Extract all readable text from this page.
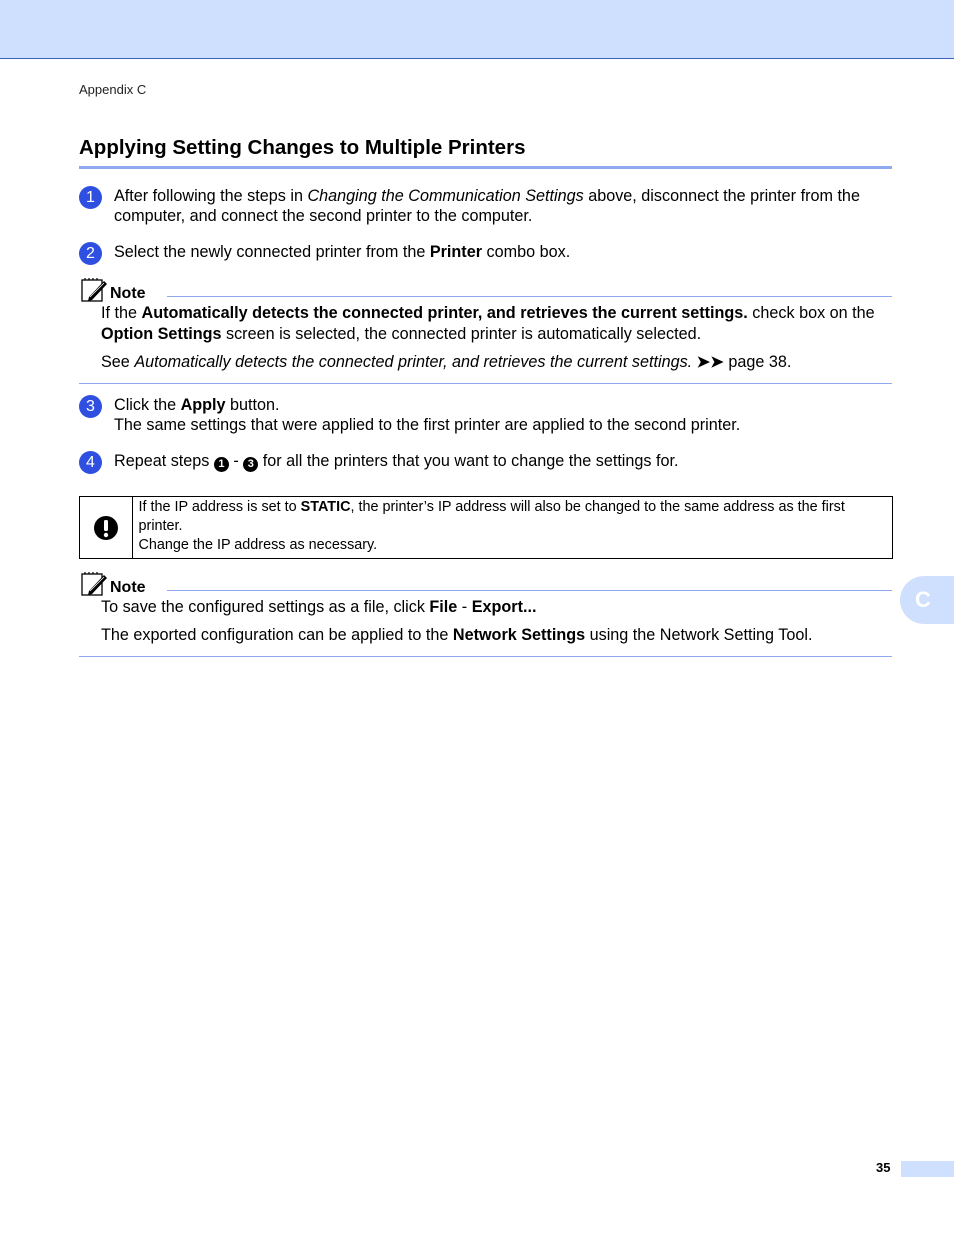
Appendix C
Applying Setting Changes to Multiple Printers
1	After following the steps in Changing the Communication Settings above, disconnect the printer from the computer, and connect the second printer to the computer.
2	Select the newly connected printer from the Printer combo box.
Note

If the Automatically detects the connected printer, and retrieves the current settings. check box on the Option Settings screen is selected, the connected printer is automatically selected.

See Automatically detects the connected printer, and retrieves the current settings. ➤➤ page 38.

3	Click the Apply button.
The same settings that were applied to the first printer are applied to the second printer.
4	Repeat steps 1 - 3 for all the printers that you want to change the settings for.

If the IP address is set to STATIC, the printer’s IP address will also be changed to the same address as the first printer.

Change the IP address as necessary.

Note

To save the configured settings as a file, click File - Export...

The exported configuration can be applied to the Network Settings using the Network Setting Tool.

C
35
